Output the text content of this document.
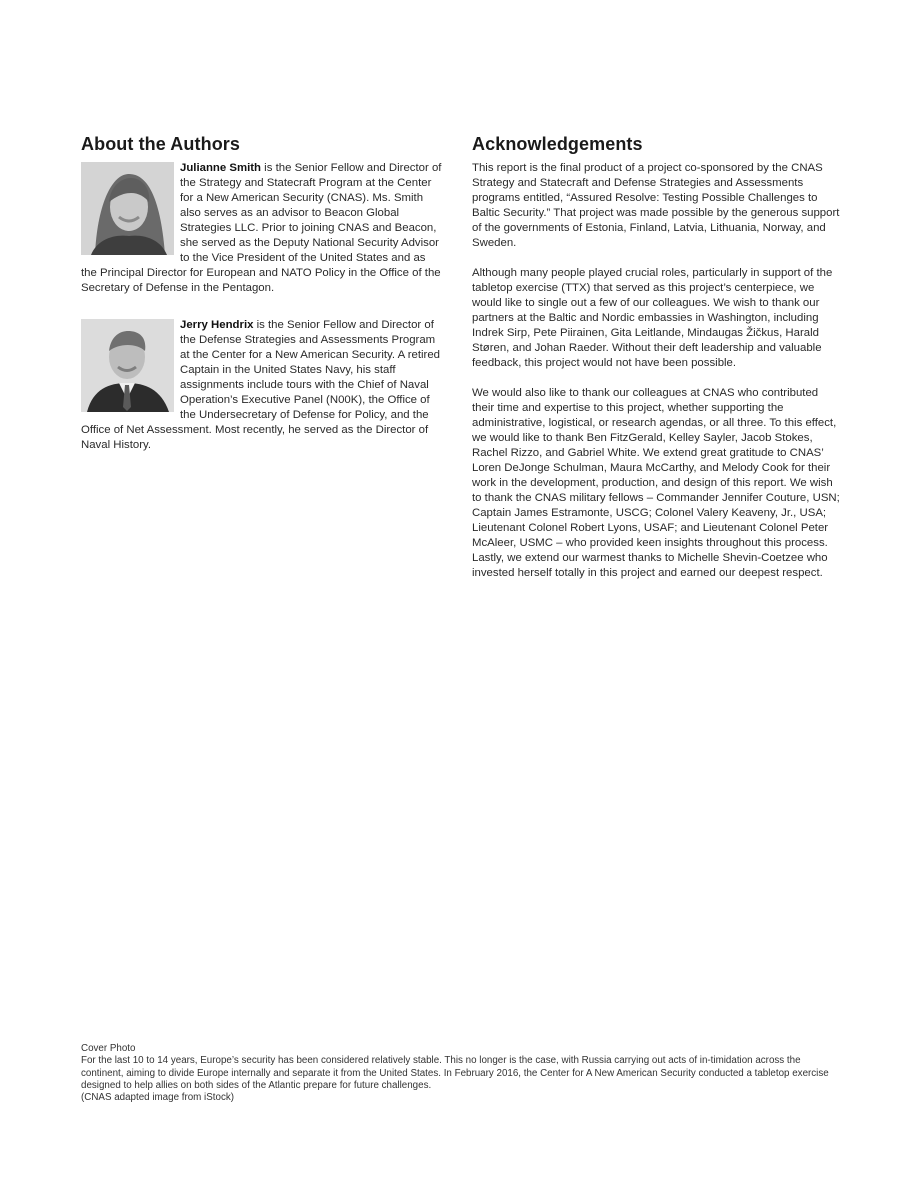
About the Authors

Julianne Smith is the Senior Fellow and Director of the Strategy and Statecraft Program at the Center for a New American Security (CNAS). Ms. Smith also serves as an advisor to Beacon Global Strategies LLC. Prior to joining CNAS and Beacon, she served as the Deputy National Security Advisor to the Vice President of the United States and as the Principal Director for European and NATO Policy in the Office of the Secretary of Defense in the Pentagon.

Jerry Hendrix is the Senior Fellow and Director of the Defense Strategies and Assessments Program at the Center for a New American Security. A retired Captain in the United States Navy, his staff assignments include tours with the Chief of Naval Operation’s Executive Panel (N00K), the Office of the Undersecretary of Defense for Policy, and the Office of Net Assessment. Most recently, he served as the Director of Naval History.

Acknowledgements

This report is the final product of a project co-sponsored by the CNAS Strategy and Statecraft and Defense Strategies and Assessments programs entitled, “Assured Resolve: Testing Possible Challenges to Baltic Security.” That project was made possible by the generous support of the governments of Estonia, Finland, Latvia, Lithuania, Norway, and Sweden.

Although many people played crucial roles, particularly in support of the tabletop exercise (TTX) that served as this project’s centerpiece, we would like to single out a few of our colleagues. We wish to thank our partners at the Baltic and Nordic embassies in Washington, including Indrek Sirp, Pete Piirainen, Gita Leitlande, Mindaugas Žičkus, Harald Støren, and Johan Raeder. Without their deft leadership and valuable feedback, this project would not have been possible.

We would also like to thank our colleagues at CNAS who contributed their time and expertise to this project, whether supporting the administrative, logistical, or research agendas, or all three. To this effect, we would like to thank Ben FitzGerald, Kelley Sayler, Jacob Stokes, Rachel Rizzo, and Gabriel White. We extend great gratitude to CNAS’ Loren DeJonge Schulman, Maura McCarthy, and Melody Cook for their work in the development, production, and design of this report. We wish to thank the CNAS military fellows – Commander Jennifer Couture, USN; Captain James Estramonte, USCG; Colonel Valery Keaveny, Jr., USA; Lieutenant Colonel Robert Lyons, USAF; and Lieutenant Colonel Peter McAleer, USMC – who provided keen insights throughout this process. Lastly, we extend our warmest thanks to Michelle Shevin-Coetzee who invested herself totally in this project and earned our deepest respect.

Cover Photo

For the last 10 to 14 years, Europe’s security has been considered relatively stable. This no longer is the case, with Russia carrying out acts of in-timidation across the continent, aiming to divide Europe internally and separate it from the United States. In February 2016, the Center for A New American Security conducted a tabletop exercise designed to help allies on both sides of the Atlantic prepare for future challenges.

(CNAS adapted image from iStock)
